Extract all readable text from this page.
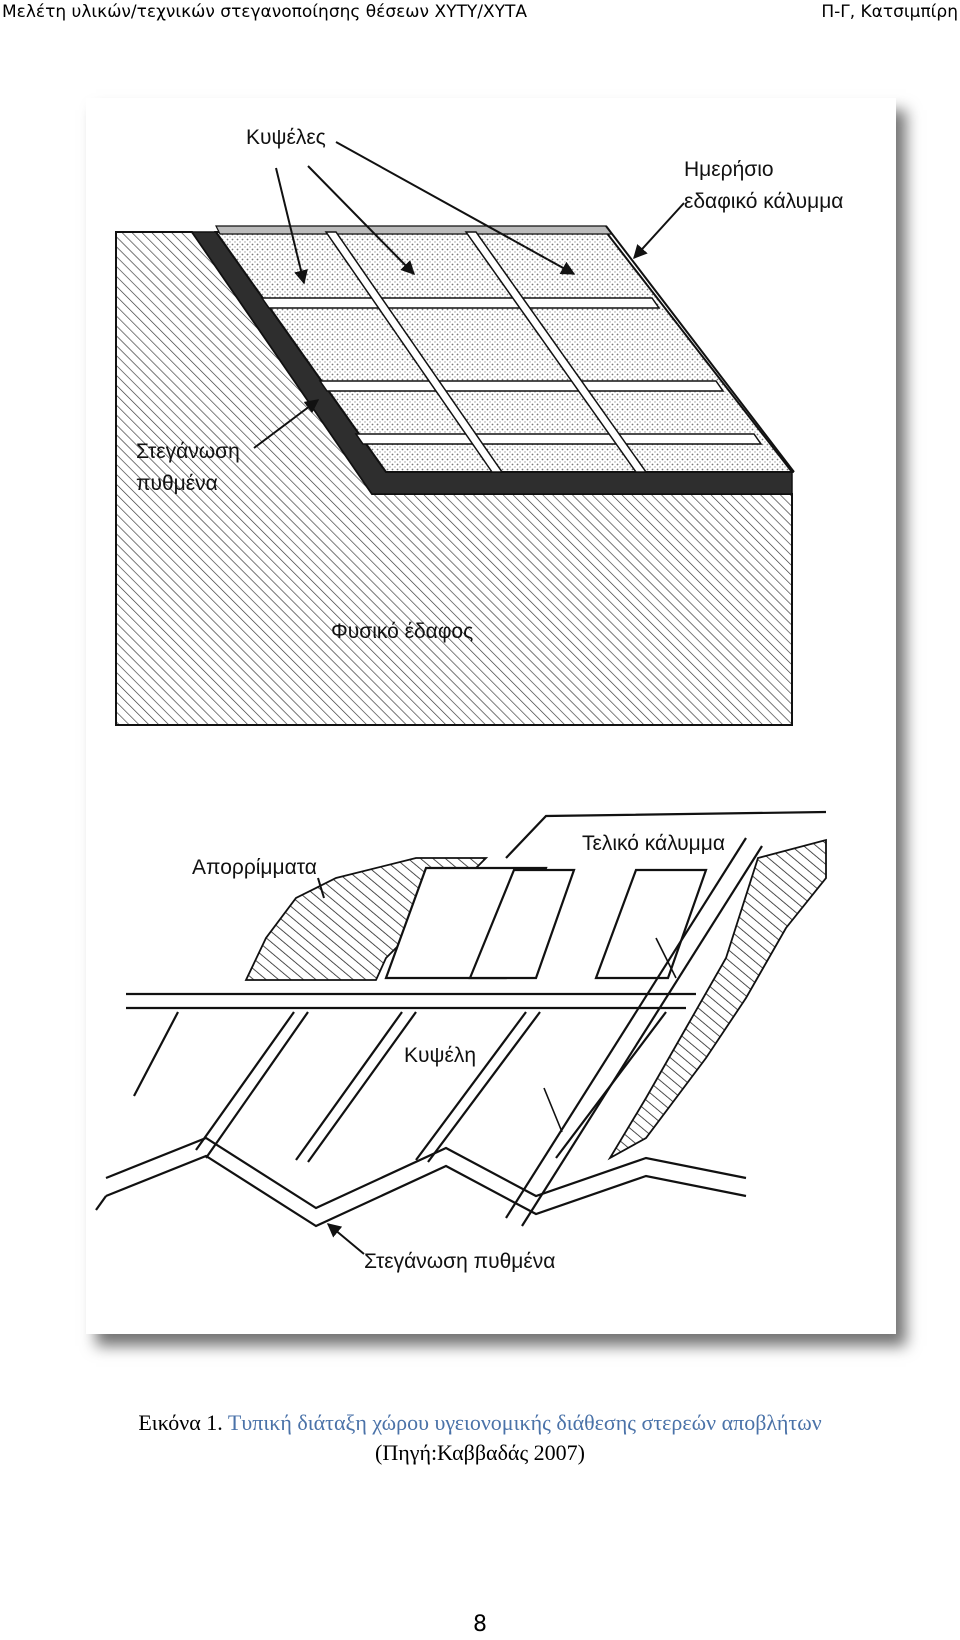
Μελέτη υλικών/τεχνικών στεγανοποίησης θέσεων ΧΥΤΥ/ΧΥΤΑ	Π-Γ, Κατσιμπίρη
Κυψέλες
Ημερήσιο
εδαφικό κάλυμμα
Στεγάνωση
πυθμένα
Φυσικό έδαφος
Απορρίμματα
Τελικό κάλυμμα
Κυψέλη
Στεγάνωση πυθμένα
Εικόνα 1. Τυπική διάταξη χώρου υγειονομικής διάθεσης στερεών αποβλήτων
(Πηγή:Καββαδάς 2007)
8
